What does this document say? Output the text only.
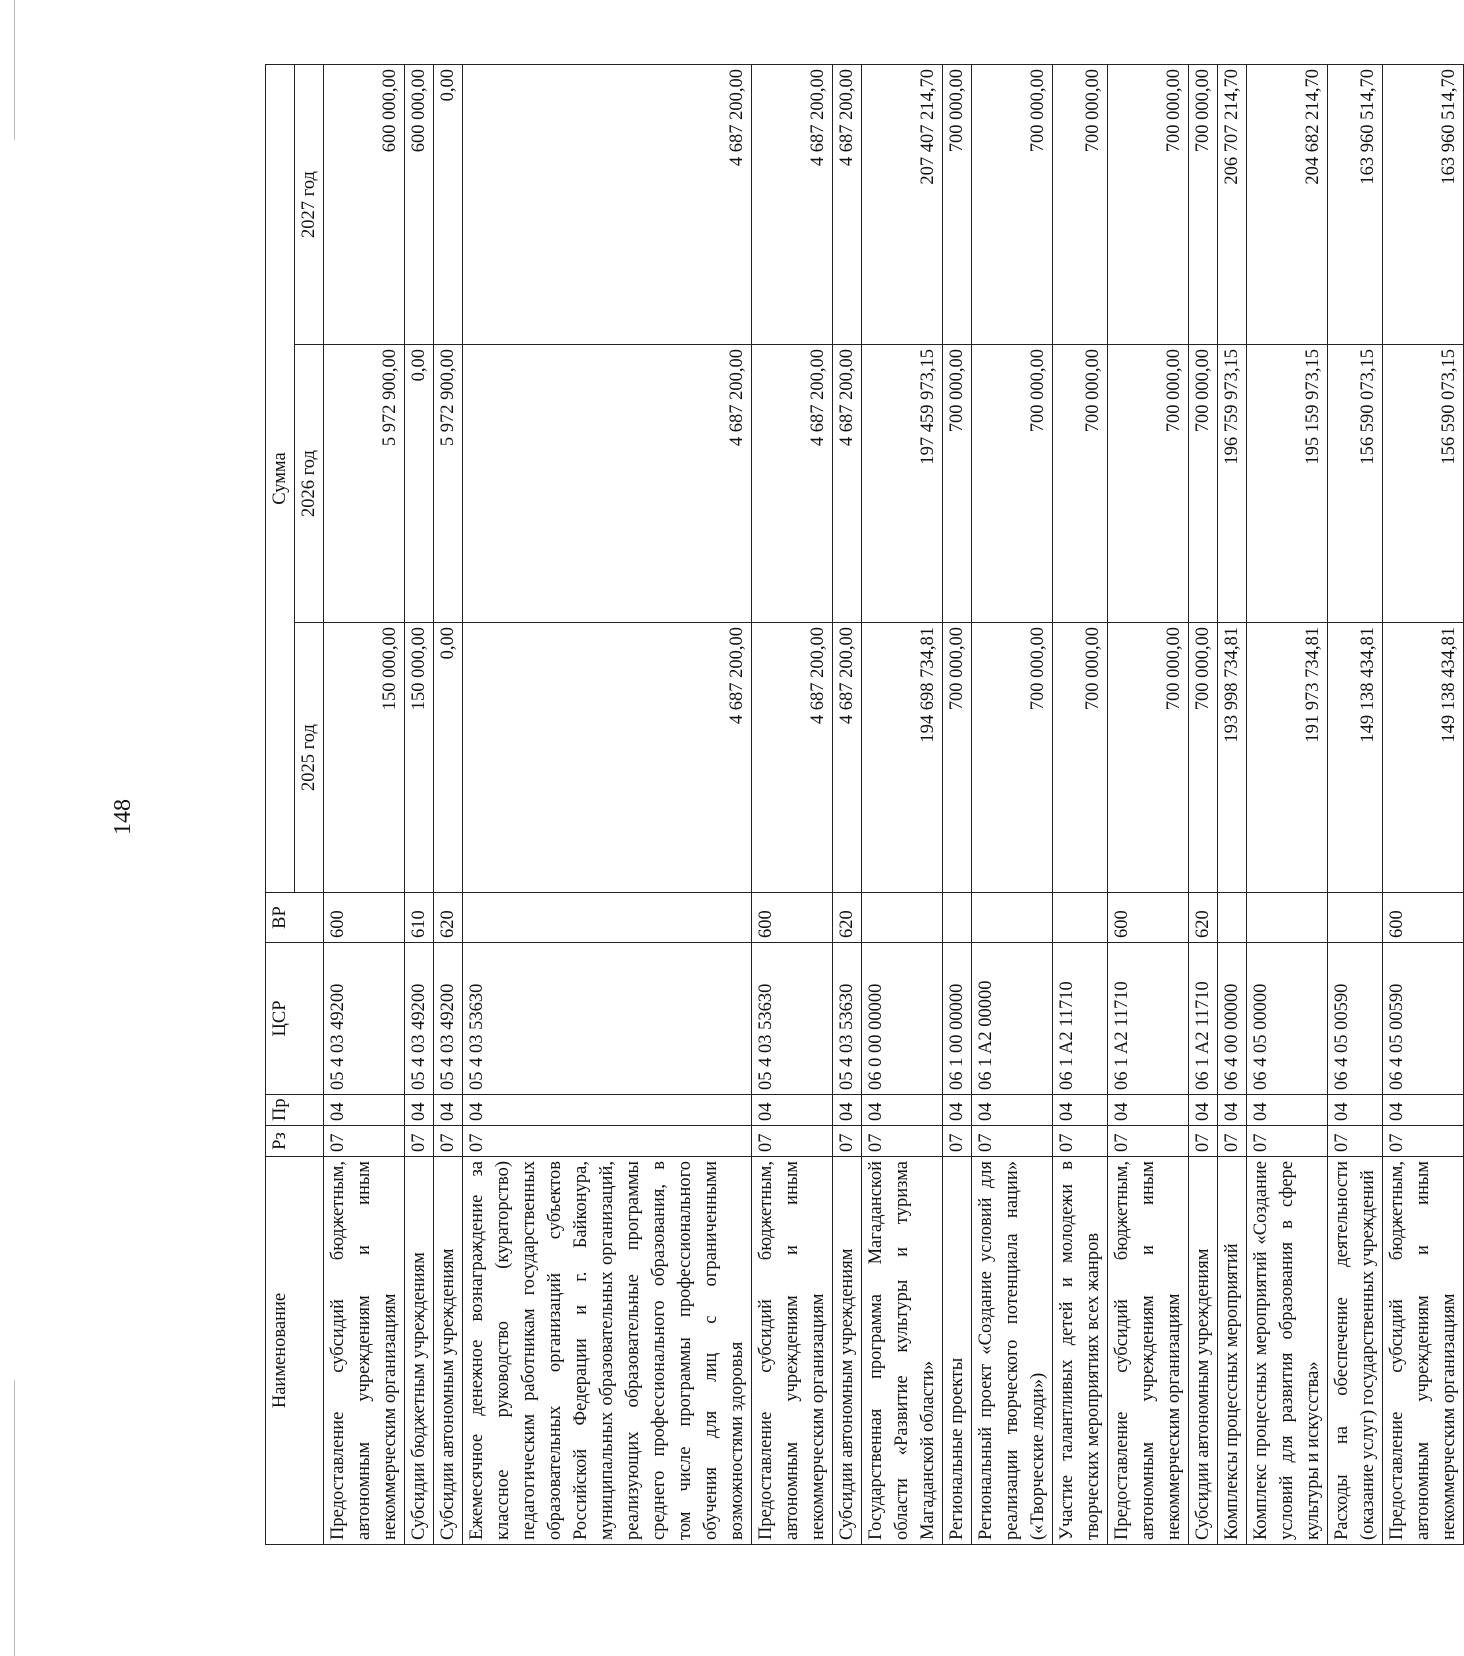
148
Наименование	Рз	Пр	ЦСР	ВР	Сумма		
					2025 год	2026 год	2027 год
Предоставление субсидий бюджетным, автономным учреждениям и иным некоммерческим организациям	07	04	05 4 03 49200	600	150 000,00	5 972 900,00	600 000,00
Субсидии бюджетным учреждениям	07	04	05 4 03 49200	610	150 000,00	0,00	600 000,00
Субсидии автономным учреждениям	07	04	05 4 03 49200	620	0,00	5 972 900,00	0,00
Ежемесячное денежное вознаграждение за классное руководство (кураторство) педагогическим работникам государственных образовательных организаций субъектов Российской Федерации и г. Байконура, муниципальных образовательных организаций, реализующих образовательные программы среднего профессионального образования, в том числе программы профессионального обучения для лиц с ограниченными возможностями здоровья	07	04	05 4 03 53630		4 687 200,00	4 687 200,00	4 687 200,00
Предоставление субсидий бюджетным, автономным учреждениям и иным некоммерческим организациям	07	04	05 4 03 53630	600	4 687 200,00	4 687 200,00	4 687 200,00
Субсидии автономным учреждениям	07	04	05 4 03 53630	620	4 687 200,00	4 687 200,00	4 687 200,00
Государственная программа Магаданской области «Развитие культуры и туризма Магаданской области»	07	04	06 0 00 00000		194 698 734,81	197 459 973,15	207 407 214,70
Региональные проекты	07	04	06 1 00 00000		700 000,00	700 000,00	700 000,00
Региональный проект «Создание условий для реализации творческого потенциала нации» («Творческие люди»)	07	04	06 1 A2 00000		700 000,00	700 000,00	700 000,00
Участие талантливых детей и молодежи в творческих мероприятиях всех жанров	07	04	06 1 A2 11710		700 000,00	700 000,00	700 000,00
Предоставление субсидий бюджетным, автономным учреждениям и иным некоммерческим организациям	07	04	06 1 A2 11710	600	700 000,00	700 000,00	700 000,00
Субсидии автономным учреждениям	07	04	06 1 A2 11710	620	700 000,00	700 000,00	700 000,00
Комплексы процессных мероприятий	07	04	06 4 00 00000		193 998 734,81	196 759 973,15	206 707 214,70
Комплекс процессных мероприятий «Создание условий для развития образования в сфере культуры и искусства»	07	04	06 4 05 00000		191 973 734,81	195 159 973,15	204 682 214,70
Расходы на обеспечение деятельности (оказание услуг) государственных учреждений	07	04	06 4 05 00590		149 138 434,81	156 590 073,15	163 960 514,70
Предоставление субсидий бюджетным, автономным учреждениям и иным некоммерческим организациям	07	04	06 4 05 00590	600	149 138 434,81	156 590 073,15	163 960 514,70
